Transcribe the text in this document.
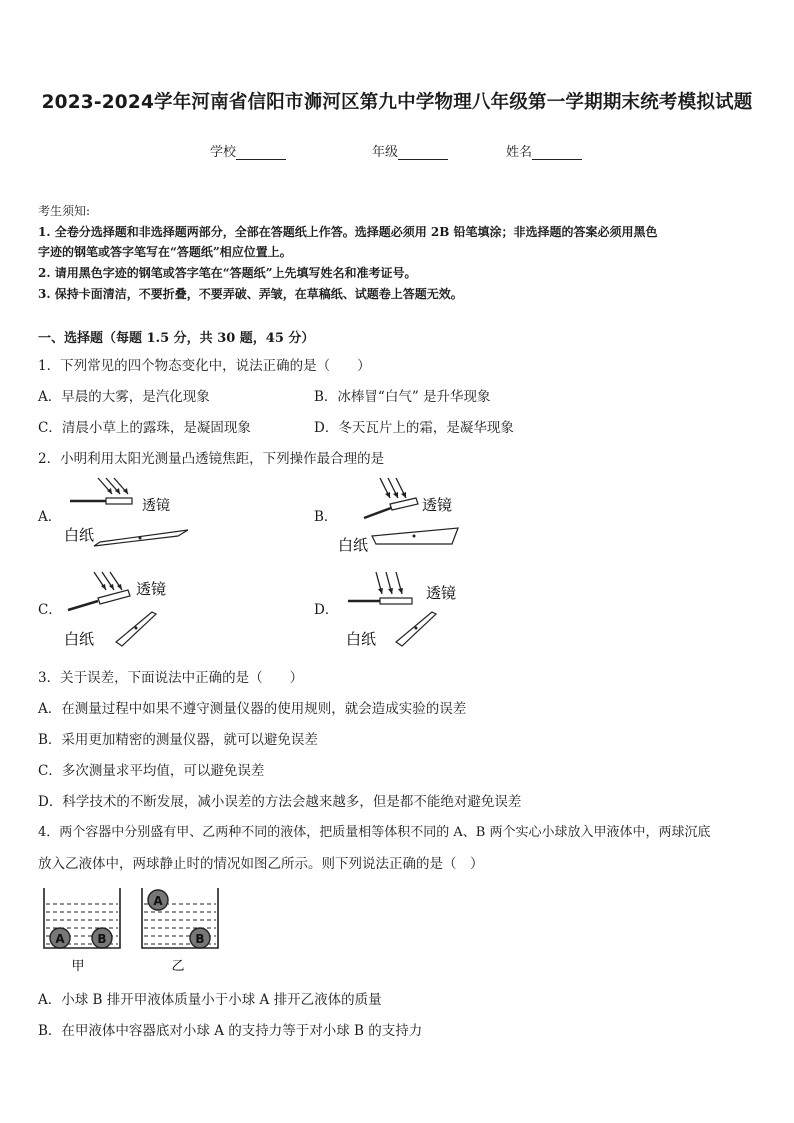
2023-2024学年河南省信阳市浉河区第九中学物理八年级第一学期期末统考模拟试题
学校	年级	姓名
考生须知:
1. 全卷分选择题和非选择题两部分，全部在答题纸上作答。选择题必须用 2B 铅笔填涂；非选择题的答案必须用黑色
字迹的钢笔或答字笔写在“答题纸”相应位置上。
2. 请用黑色字迹的钢笔或答字笔在“答题纸”上先填写姓名和准考证号。
3. 保持卡面清洁，不要折叠，不要弄破、弄皱，在草稿纸、试题卷上答题无效。
一、选择题（每题 1.5 分，共 30 题，45 分）
1．下列常见的四个物态变化中，说法正确的是（　　）
A．早晨的大雾，是汽化现象	B．冰棒冒“白气” 是升华现象
C．清晨小草上的露珠，是凝固现象	D．冬天瓦片上的霜，是凝华现象
2．小明利用太阳光测量凸透镜焦距，下列操作最合理的是
A．	B．
C．	D．
透镜
白纸
透镜
白纸
透镜
白纸
透镜
白纸
3．关于误差，下面说法中正确的是（　　）
A．在测量过程中如果不遵守测量仪器的使用规则，就会造成实验的误差
B．采用更加精密的测量仪器，就可以避免误差
C．多次测量求平均值，可以避免误差
D．科学技术的不断发展，减小误差的方法会越来越多，但是都不能绝对避免误差
4．两个容器中分别盛有甲、乙两种不同的液体，把质量相等体积不同的 A、B 两个实心小球放入甲液体中，两球沉底
放入乙液体中，两球静止时的情况如图乙所示。则下列说法正确的是（　）
A	B
甲
A
B
乙
A．小球 B 排开甲液体质量小于小球 A 排开乙液体的质量
B．在甲液体中容器底对小球 A 的支持力等于对小球 B 的支持力
